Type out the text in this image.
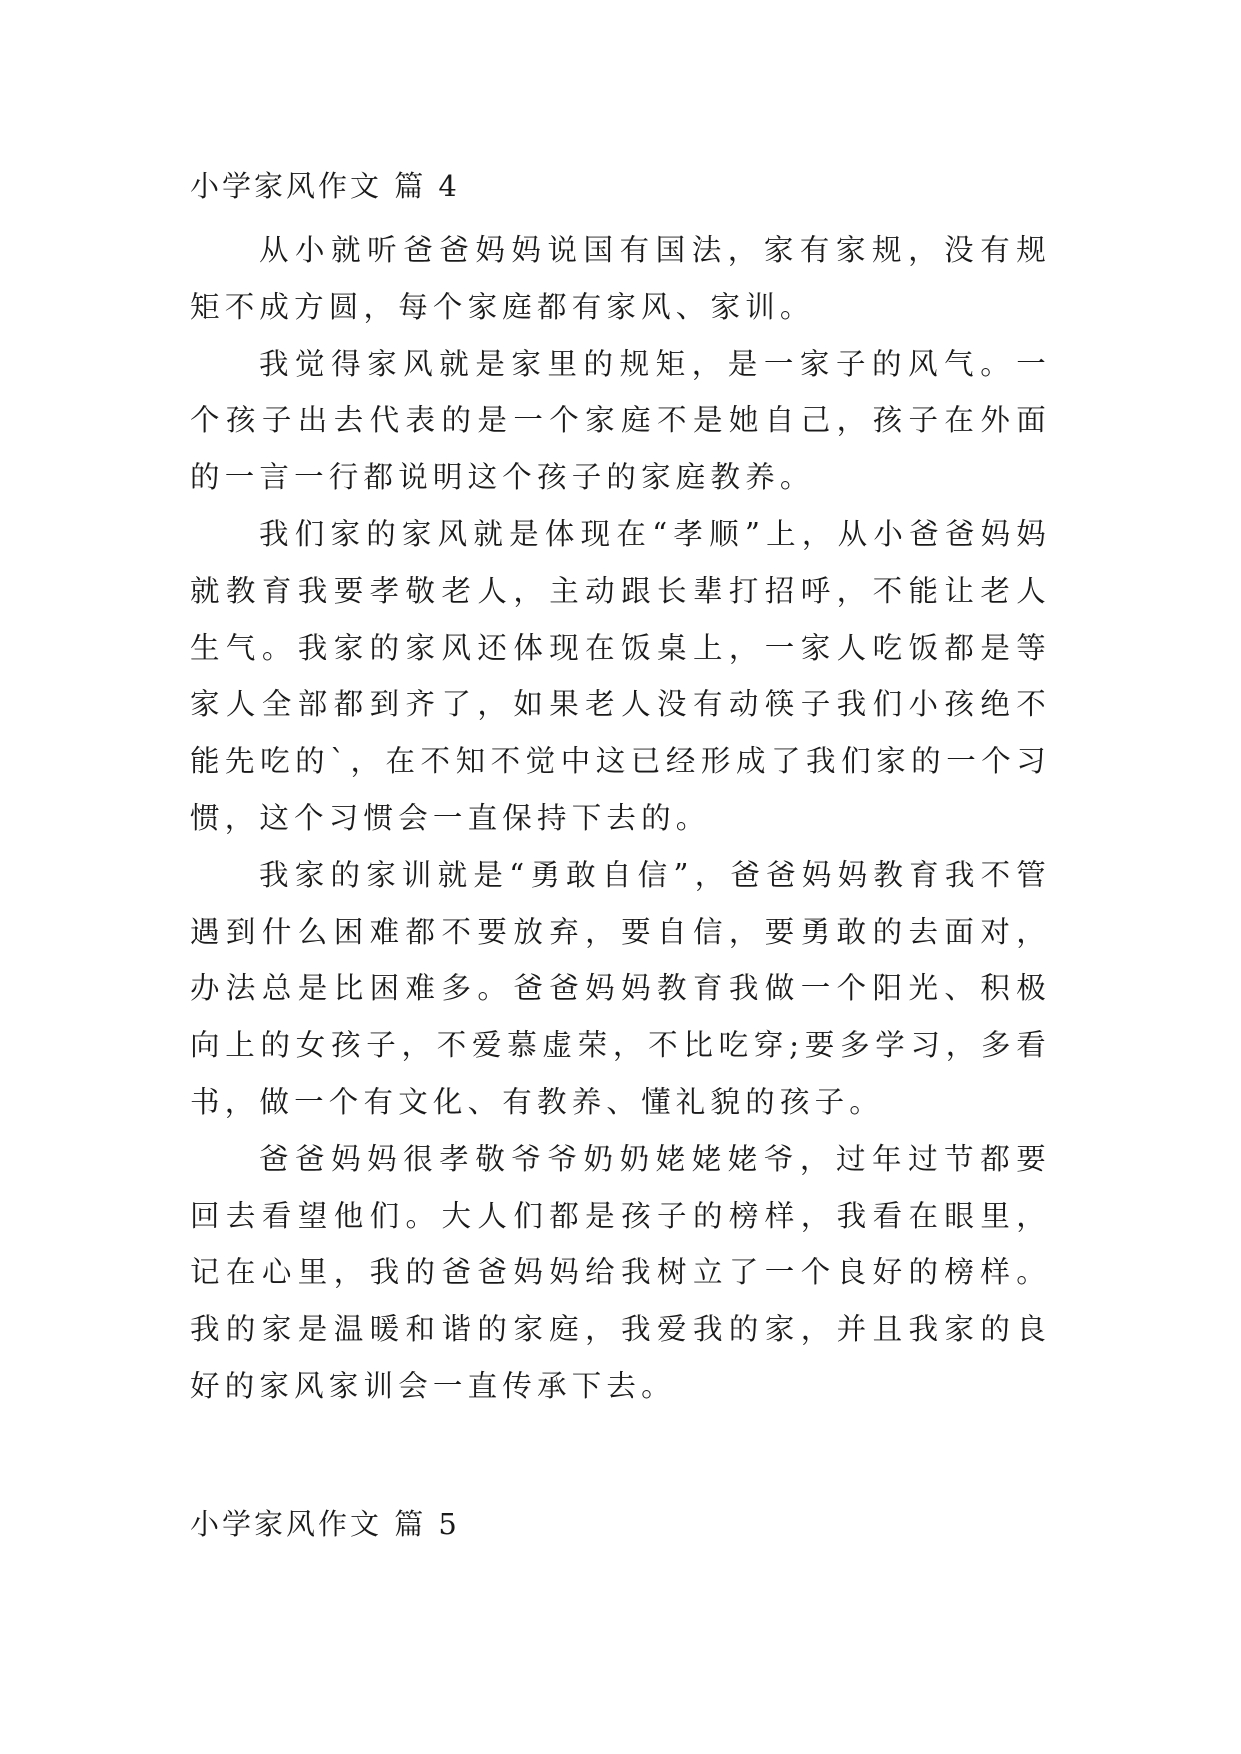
小学家风作文 篇 4

从小就听爸爸妈妈说国有国法，家有家规，没有规矩不成方圆，每个家庭都有家风、家训。

我觉得家风就是家里的规矩，是一家子的风气。一个孩子出去代表的是一个家庭不是她自己，孩子在外面的一言一行都说明这个孩子的家庭教养。

我们家的家风就是体现在“孝顺”上，从小爸爸妈妈就教育我要孝敬老人，主动跟长辈打招呼，不能让老人生气。我家的家风还体现在饭桌上，一家人吃饭都是等家人全部都到齐了，如果老人没有动筷子我们小孩绝不能先吃的`，在不知不觉中这已经形成了我们家的一个习惯，这个习惯会一直保持下去的。

我家的家训就是“勇敢自信”，爸爸妈妈教育我不管遇到什么困难都不要放弃，要自信，要勇敢的去面对，办法总是比困难多。爸爸妈妈教育我做一个阳光、积极向上的女孩子，不爱慕虚荣，不比吃穿;要多学习，多看书，做一个有文化、有教养、懂礼貌的孩子。

爸爸妈妈很孝敬爷爷奶奶姥姥姥爷，过年过节都要回去看望他们。大人们都是孩子的榜样，我看在眼里，记在心里，我的爸爸妈妈给我树立了一个良好的榜样。我的家是温暖和谐的家庭，我爱我的家，并且我家的良好的家风家训会一直传承下去。

小学家风作文 篇 5
